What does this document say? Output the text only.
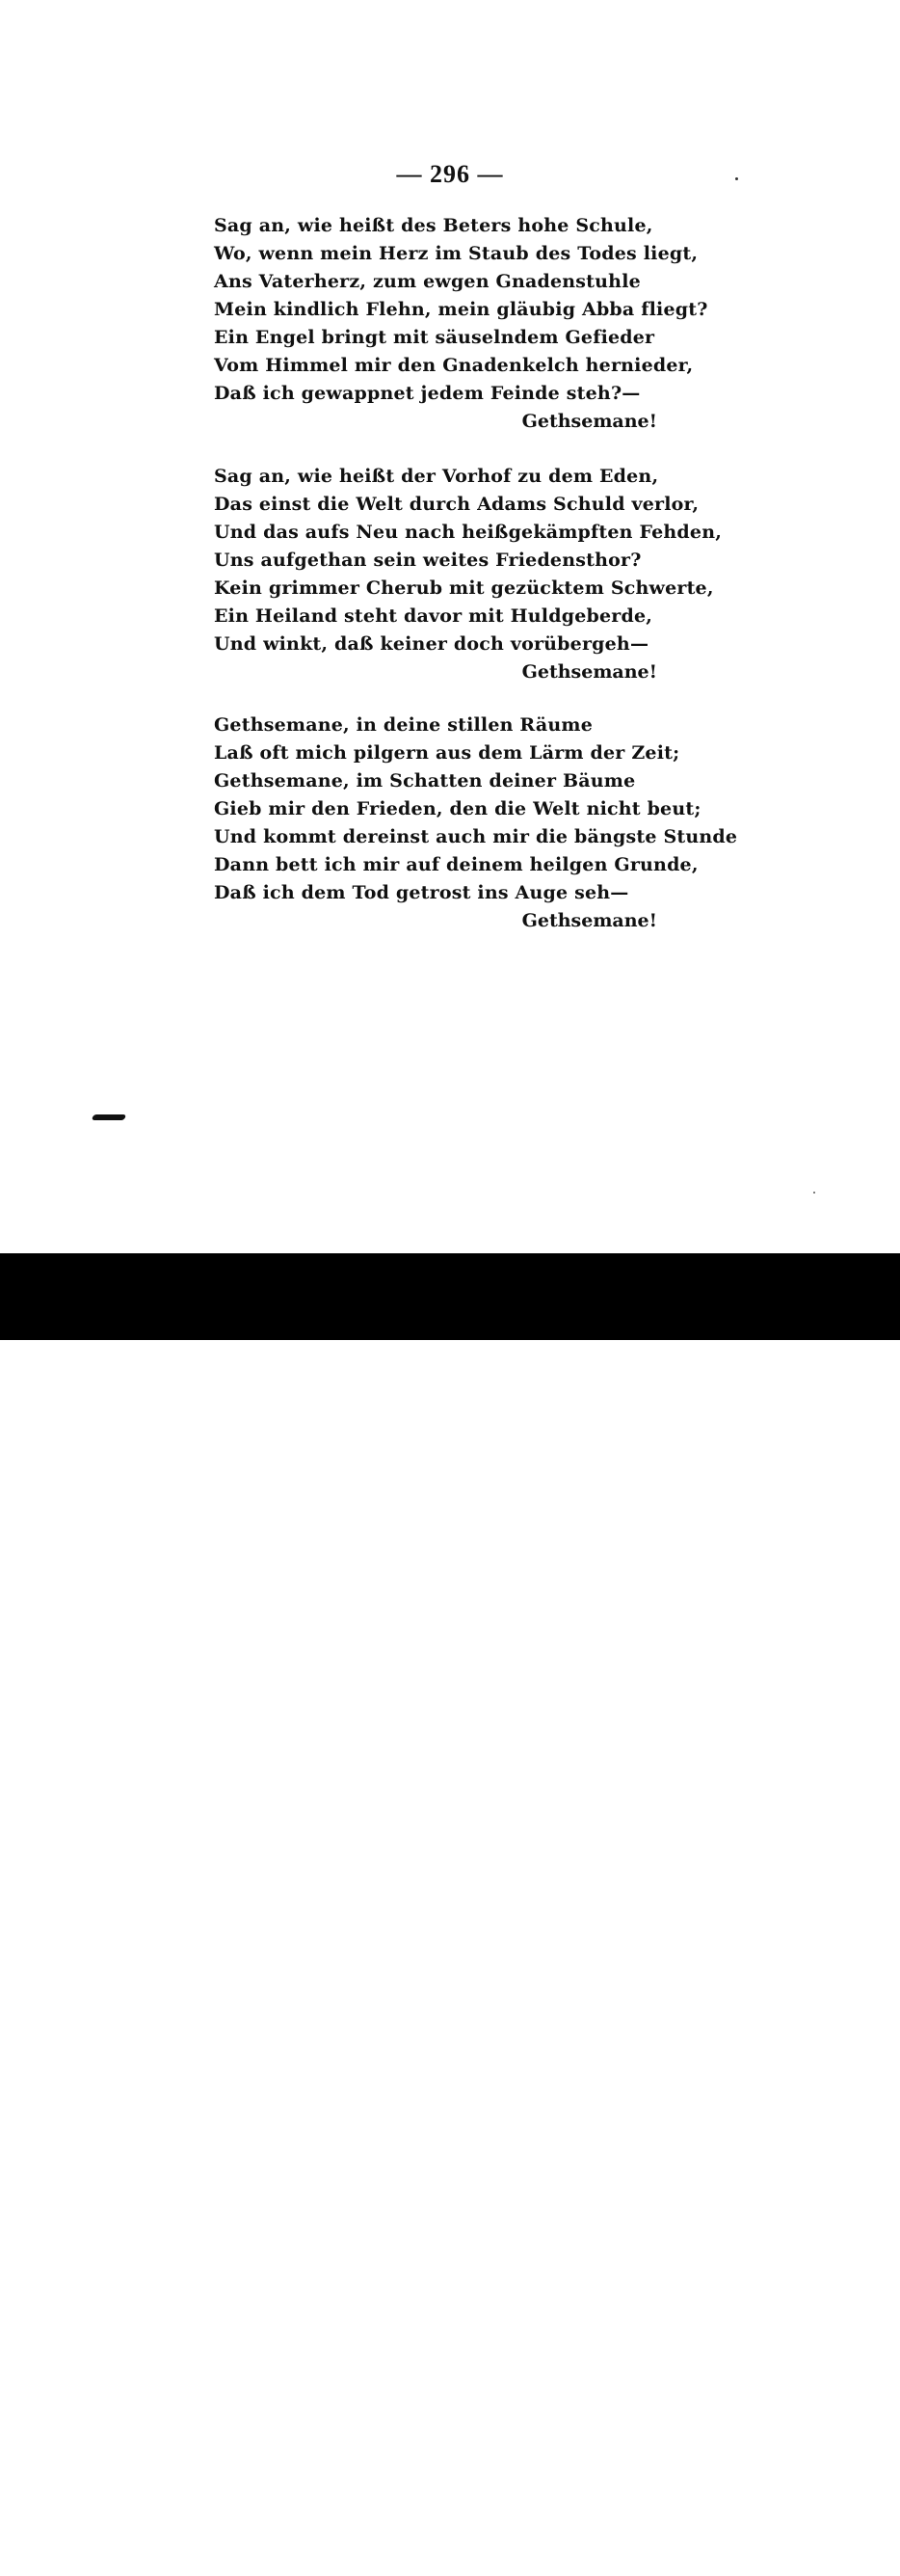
— 296 —
Sag an, wie heißt des Beters hohe Schule,
Wo, wenn mein Herz im Staub des Todes liegt,
Ans Vaterherz, zum ewgen Gnadenstuhle
Mein kindlich Flehn, mein gläubig Abba fliegt?
Ein Engel bringt mit säuselndem Gefieder
Vom Himmel mir den Gnadenkelch hernieder,
Daß ich gewappnet jedem Feinde steh?—
Gethsemane!
Sag an, wie heißt der Vorhof zu dem Eden,
Das einst die Welt durch Adams Schuld verlor,
Und das aufs Neu nach heißgekämpften Fehden,
Uns aufgethan sein weites Friedensthor?
Kein grimmer Cherub mit gezücktem Schwerte,
Ein Heiland steht davor mit Huldgeberde,
Und winkt, daß keiner doch vorübergeh—
Gethsemane!
Gethsemane, in deine stillen Räume
Laß oft mich pilgern aus dem Lärm der Zeit;
Gethsemane, im Schatten deiner Bäume
Gieb mir den Frieden, den die Welt nicht beut;
Und kommt dereinst auch mir die bängste Stunde
Dann bett ich mir auf deinem heilgen Grunde,
Daß ich dem Tod getrost ins Auge seh—
Gethsemane!
alamy	KYCTWW
www.alamy.com
